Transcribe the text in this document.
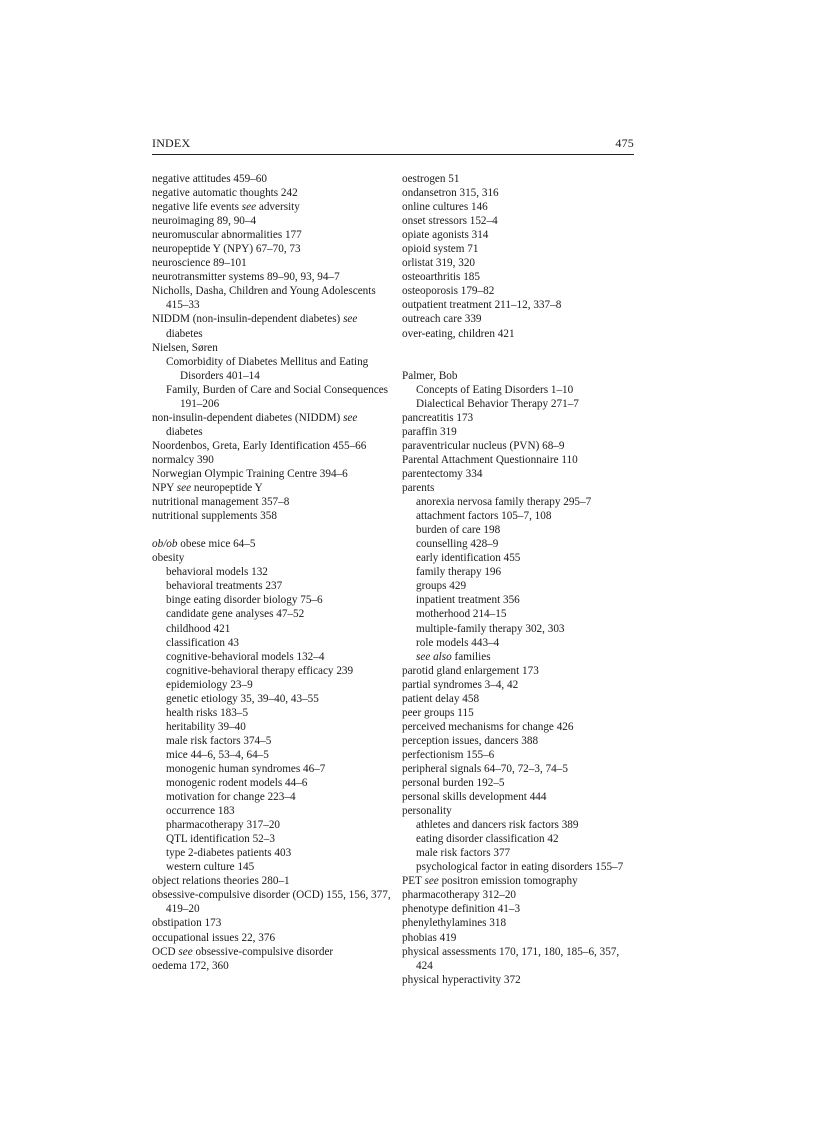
INDEX	475
negative attitudes 459–60
negative automatic thoughts 242
negative life events see adversity
neuroimaging 89, 90–4
neuromuscular abnormalities 177
neuropeptide Y (NPY) 67–70, 73
neuroscience 89–101
neurotransmitter systems 89–90, 93, 94–7
Nicholls, Dasha, Children and Young Adolescents 415–33
NIDDM (non-insulin-dependent diabetes) see diabetes
Nielsen, Søren
Comorbidity of Diabetes Mellitus and Eating Disorders 401–14
Family, Burden of Care and Social Consequences 191–206
non-insulin-dependent diabetes (NIDDM) see diabetes
Noordenbos, Greta, Early Identification 455–66
normalcy 390
Norwegian Olympic Training Centre 394–6
NPY see neuropeptide Y
nutritional management 357–8
nutritional supplements 358
ob/ob obese mice 64–5
obesity
behavioral models 132
behavioral treatments 237
binge eating disorder biology 75–6
candidate gene analyses 47–52
childhood 421
classification 43
cognitive-behavioral models 132–4
cognitive-behavioral therapy efficacy 239
epidemiology 23–9
genetic etiology 35, 39–40, 43–55
health risks 183–5
heritability 39–40
male risk factors 374–5
mice 44–6, 53–4, 64–5
monogenic human syndromes 46–7
monogenic rodent models 44–6
motivation for change 223–4
occurrence 183
pharmacotherapy 317–20
QTL identification 52–3
type 2-diabetes patients 403
western culture 145
object relations theories 280–1
obsessive-compulsive disorder (OCD) 155, 156, 377, 419–20
obstipation 173
occupational issues 22, 376
OCD see obsessive-compulsive disorder
oedema 172, 360
oestrogen 51
ondansetron 315, 316
online cultures 146
onset stressors 152–4
opiate agonists 314
opioid system 71
orlistat 319, 320
osteoarthritis 185
osteoporosis 179–82
outpatient treatment 211–12, 337–8
outreach care 339
over-eating, children 421
Palmer, Bob
Concepts of Eating Disorders 1–10
Dialectical Behavior Therapy 271–7
pancreatitis 173
paraffin 319
paraventricular nucleus (PVN) 68–9
Parental Attachment Questionnaire 110
parentectomy 334
parents
anorexia nervosa family therapy 295–7
attachment factors 105–7, 108
burden of care 198
counselling 428–9
early identification 455
family therapy 196
groups 429
inpatient treatment 356
motherhood 214–15
multiple-family therapy 302, 303
role models 443–4
see also families
parotid gland enlargement 173
partial syndromes 3–4, 42
patient delay 458
peer groups 115
perceived mechanisms for change 426
perception issues, dancers 388
perfectionism 155–6
peripheral signals 64–70, 72–3, 74–5
personal burden 192–5
personal skills development 444
personality
athletes and dancers risk factors 389
eating disorder classification 42
male risk factors 377
psychological factor in eating disorders 155–7
PET see positron emission tomography
pharmacotherapy 312–20
phenotype definition 41–3
phenylethylamines 318
phobias 419
physical assessments 170, 171, 180, 185–6, 357, 424
physical hyperactivity 372
